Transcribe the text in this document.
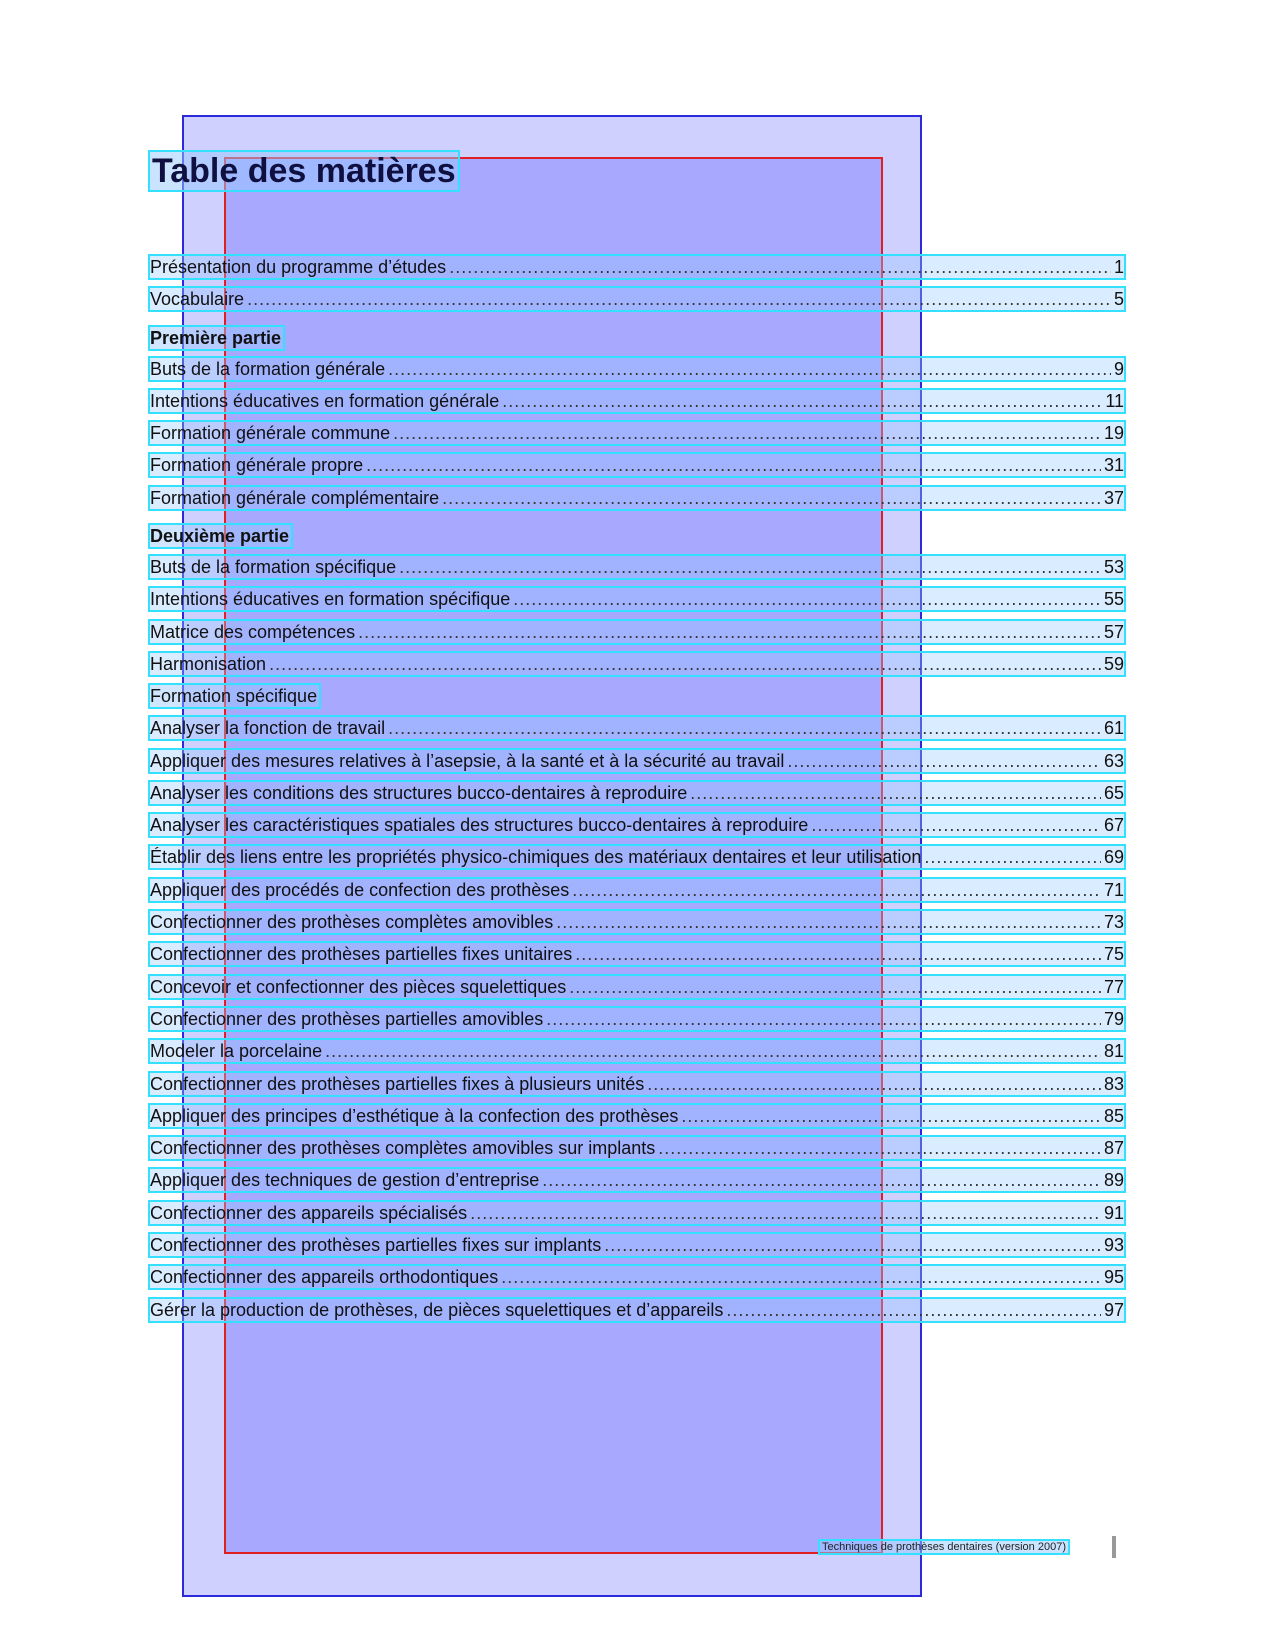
Table des matières
Présentation du programme d’études .....	1
Vocabulaire .....	5
Première partie
Buts de la formation générale .....	9
Intentions éducatives en formation générale .....	11
Formation générale commune .....	19
Formation générale propre .....	31
Formation générale complémentaire .....	37
Deuxième partie
Buts de la formation spécifique .....	53
Intentions éducatives en formation spécifique .....	55
Matrice des compétences .....	57
Harmonisation .....	59
Formation spécifique
Analyser la fonction de travail .....	61
Appliquer des mesures relatives à l’asepsie, à la santé et à la sécurité au travail .....	63
Analyser les conditions des structures bucco-dentaires à reproduire .....	65
Analyser les caractéristiques spatiales des structures bucco-dentaires à reproduire .....	67
Établir des liens entre les propriétés physico-chimiques des matériaux dentaires et leur utilisation .....	69
Appliquer des procédés de confection des prothèses .....	71
Confectionner des prothèses complètes amovibles .....	73
Confectionner des prothèses partielles fixes unitaires .....	75
Concevoir et confectionner des pièces squelettiques .....	77
Confectionner des prothèses partielles amovibles .....	79
Modeler la porcelaine .....	81
Confectionner des prothèses partielles fixes à plusieurs unités .....	83
Appliquer des principes d’esthétique à la confection des prothèses .....	85
Confectionner des prothèses complètes amovibles sur implants .....	87
Appliquer des techniques de gestion d’entreprise .....	89
Confectionner des appareils spécialisés .....	91
Confectionner des prothèses partielles fixes sur implants .....	93
Confectionner des appareils orthodontiques .....	95
Gérer la production de prothèses, de pièces squelettiques et d’appareils .....	97
Techniques de prothèses dentaires (version 2007)
